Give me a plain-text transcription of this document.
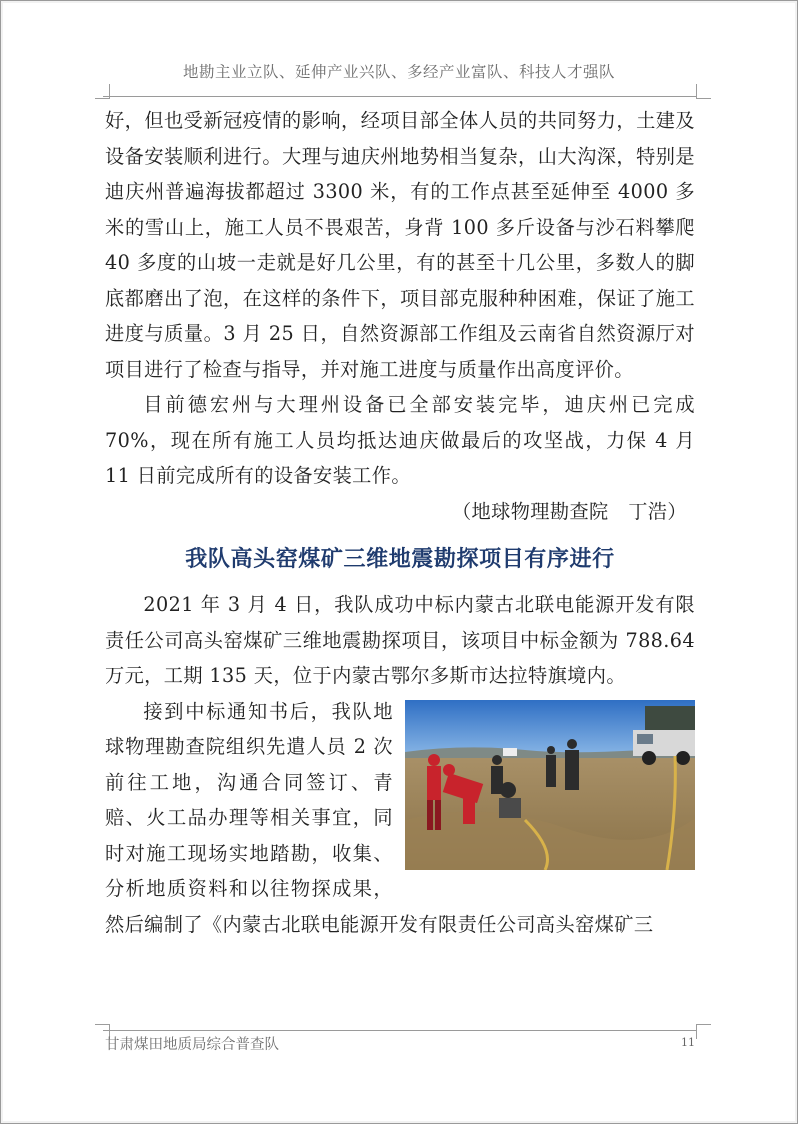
地勘主业立队、延伸产业兴队、多经产业富队、科技人才强队

好，但也受新冠疫情的影响，经项目部全体人员的共同努力，土建及设备安装顺利进行。大理与迪庆州地势相当复杂，山大沟深，特别是迪庆州普遍海拔都超过 3300 米，有的工作点甚至延伸至 4000 多米的雪山上，施工人员不畏艰苦，身背 100 多斤设备与沙石料攀爬 40 多度的山坡一走就是好几公里，有的甚至十几公里，多数人的脚底都磨出了泡，在这样的条件下，项目部克服种种困难，保证了施工进度与质量。3 月 25 日，自然资源部工作组及云南省自然资源厅对项目进行了检查与指导，并对施工进度与质量作出高度评价。

目前德宏州与大理州设备已全部安装完毕，迪庆州已完成 70%，现在所有施工人员均抵达迪庆做最后的攻坚战，力保 4 月 11 日前完成所有的设备安装工作。

（地球物理勘查院　丁浩）

我队高头窑煤矿三维地震勘探项目有序进行

2021 年 3 月 4 日，我队成功中标内蒙古北联电能源开发有限责任公司高头窑煤矿三维地震勘探项目，该项目中标金额为 788.64 万元，工期 135 天，位于内蒙古鄂尔多斯市达拉特旗境内。

接到中标通知书后，我队地球物理勘查院组织先遣人员 2 次前往工地，沟通合同签订、青赔、火工品办理等相关事宜，同时对施工现场实地踏勘，收集、分析地质资料和以往物探成果，然后编制了《内蒙古北联电能源开发有限责任公司高头窑煤矿三

甘肃煤田地质局综合普查队	11
